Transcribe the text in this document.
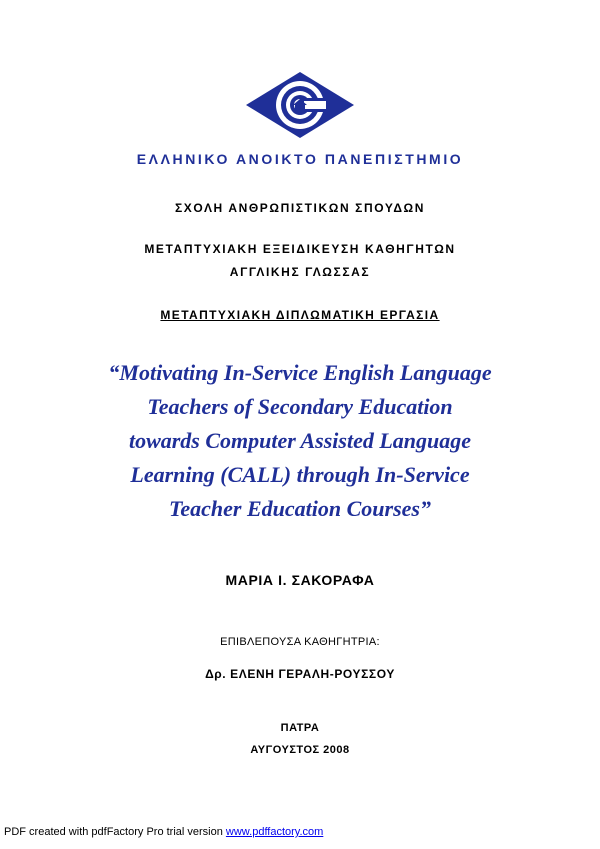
ΕΛΛΗΝΙΚΟ ΑΝΟΙΚΤΟ ΠΑΝΕΠΙΣΤΗΜΙΟ
ΣΧΟΛΗ ΑΝΘΡΩΠΙΣΤΙΚΩΝ ΣΠΟΥΔΩΝ
ΜΕΤΑΠΤΥΧΙΑΚΗ ΕΞΕΙΔΙΚΕΥΣΗ ΚΑΘΗΓΗΤΩΝ
ΑΓΓΛΙΚΗΣ ΓΛΩΣΣΑΣ
ΜΕΤΑΠΤΥΧΙΑΚΗ ΔΙΠΛΩΜΑΤΙΚΗ ΕΡΓΑΣΙΑ
“Motivating In-Service English Language
Teachers of Secondary Education
towards Computer Assisted Language
Learning (CALL) through In-Service
Teacher Education Courses”
ΜΑΡΙΑ Ι. ΣΑΚΟΡΑΦΑ
ΕΠΙΒΛΕΠΟΥΣΑ ΚΑΘΗΓΗΤΡΙΑ:
Δρ. ΕΛΕΝΗ ΓΕΡΑΛΗ-ΡΟΥΣΣΟΥ
ΠΑΤΡΑ
ΑΥΓΟΥΣΤΟΣ 2008
PDF created with pdfFactory Pro trial version www.pdffactory.com
